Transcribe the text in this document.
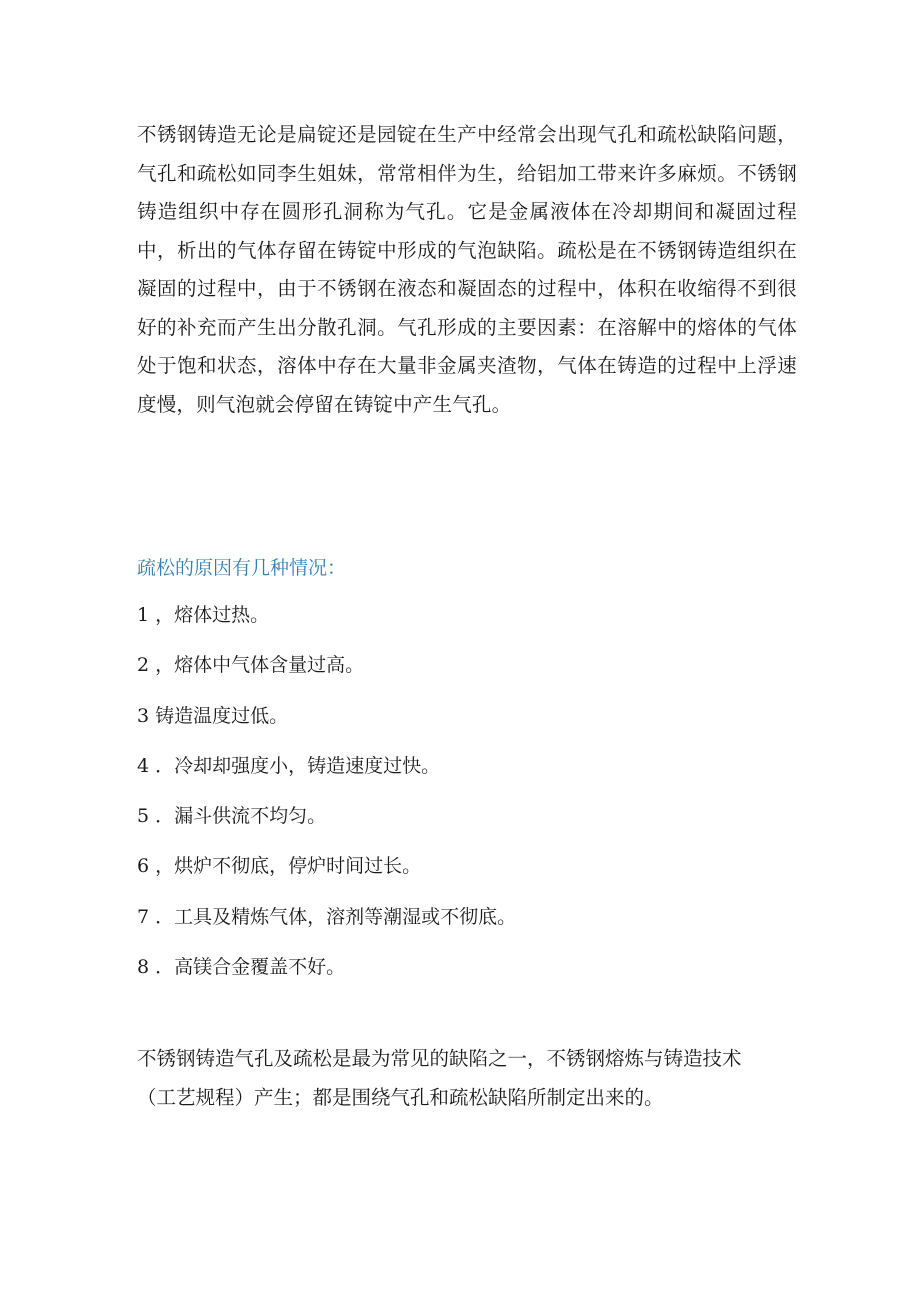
不锈钢铸造无论是扁锭还是园锭在生产中经常会出现气孔和疏松缺陷问题，气孔和疏松如同李生姐妹，常常相伴为生，给铝加工带来许多麻烦。不锈钢铸造组织中存在圆形孔洞称为气孔。它是金属液体在冷却期间和凝固过程中，析出的气体存留在铸锭中形成的气泡缺陷。疏松是在不锈钢铸造组织在凝固的过程中，由于不锈钢在液态和凝固态的过程中，体积在收缩得不到很好的补充而产生出分散孔洞。气孔形成的主要因素：在溶解中的熔体的气体处于饱和状态，溶体中存在大量非金属夹渣物，气体在铸造的过程中上浮速度慢，则气泡就会停留在铸锭中产生气孔。

疏松的原因有几种情况：
1 ，熔体过热。
2 ，熔体中气体含量过高。
3 铸造温度过低。
4 ．冷却却强度小，铸造速度过快。
5 ．漏斗供流不均匀。
6 ，烘炉不彻底，停炉时间过长。
7 ．工具及精炼气体，溶剂等潮湿或不彻底。
8 ．高镁合金覆盖不好。

不锈钢铸造气孔及疏松是最为常见的缺陷之一，不锈钢熔炼与铸造技术（工艺规程）产生；都是围绕气孔和疏松缺陷所制定出来的。
